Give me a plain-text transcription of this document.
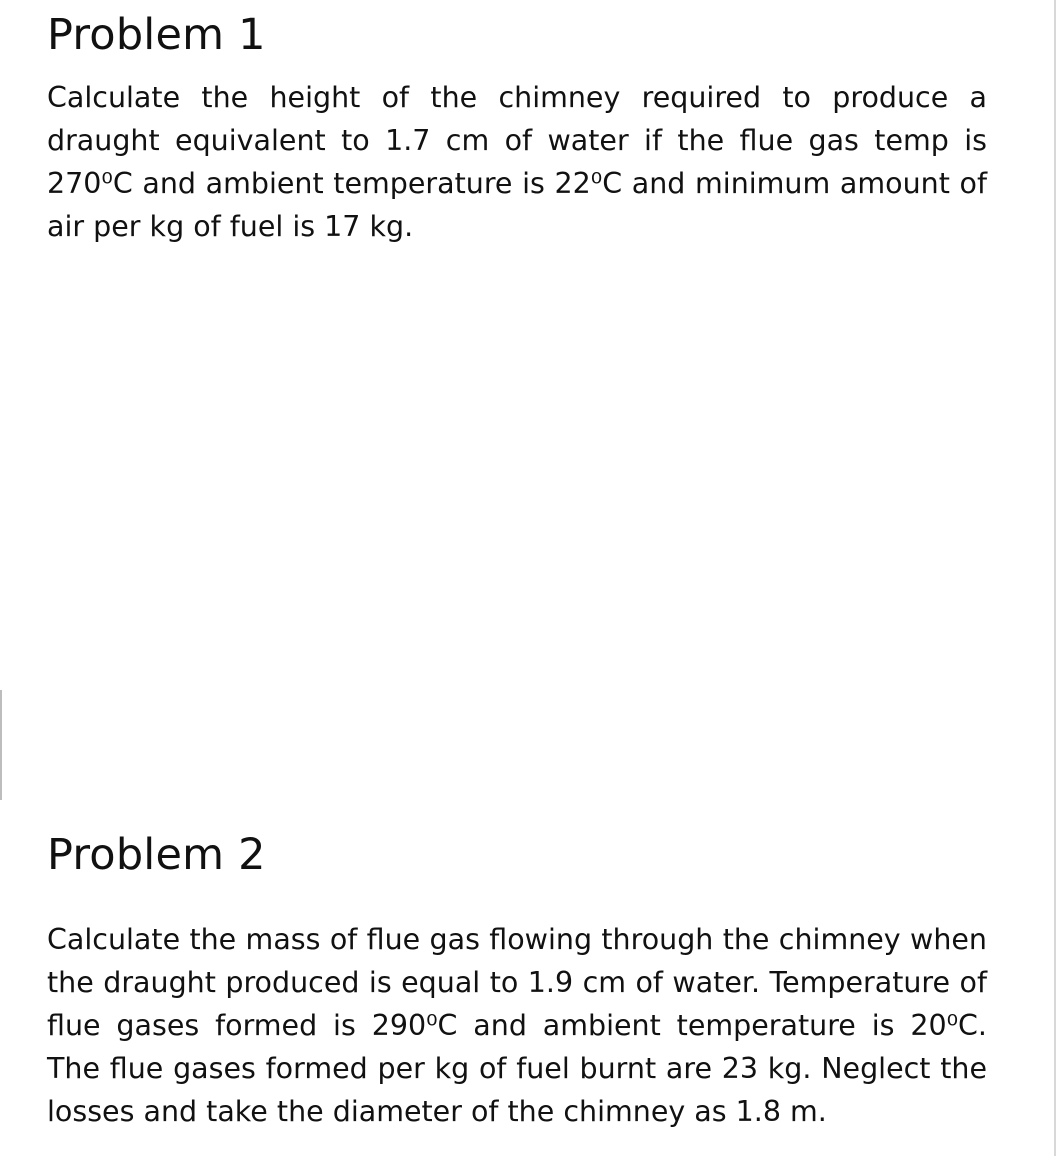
Problem 1

Calculate the height of the chimney required to produce a draught equivalent to 1.7 cm of water if the flue gas temp is 270⁰C and ambient temperature is 22⁰C and minimum amount of air per kg of fuel is 17 kg.

Problem 2

Calculate the mass of flue gas flowing through the chimney when the draught produced is equal to 1.9 cm of water. Temperature of flue gases formed is 290⁰C and ambient temperature is 20⁰C. The flue gases formed per kg of fuel burnt are 23 kg. Neglect the losses and take the diameter of the chimney as 1.8 m.
